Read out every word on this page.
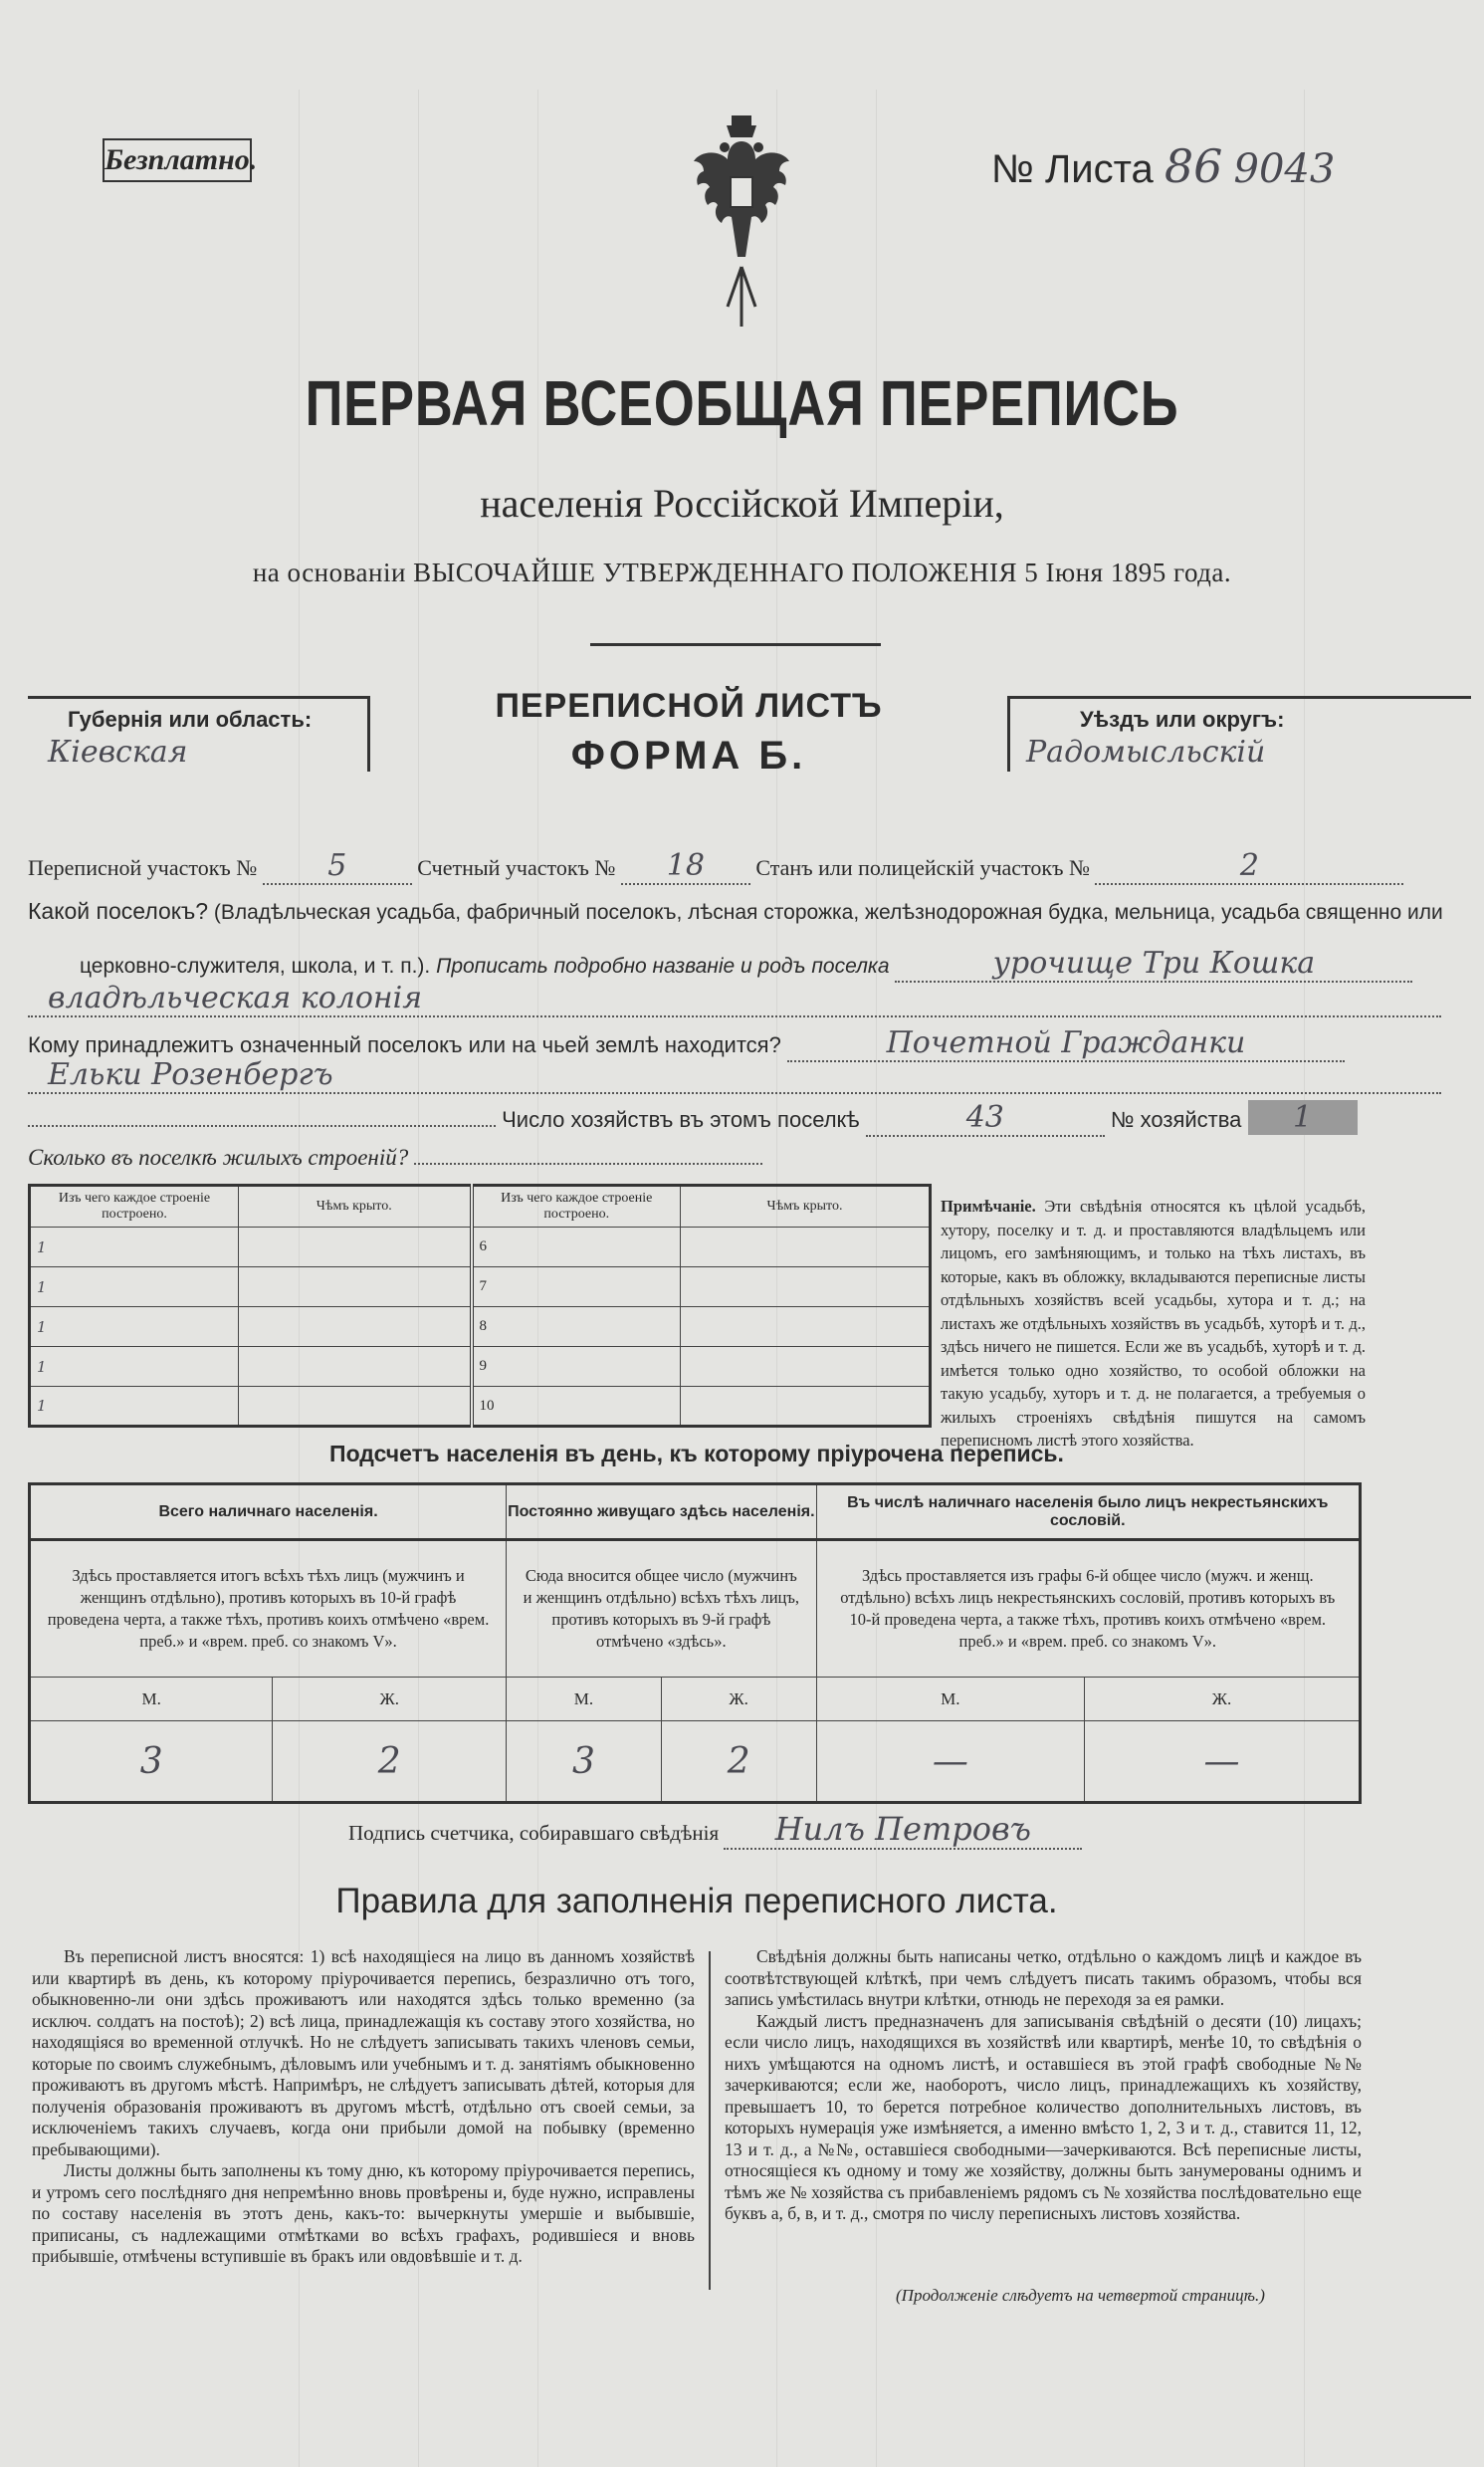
Безплатно.	№ Листа 86 9043
ПЕРВАЯ ВСЕОБЩАЯ ПЕРЕПИСЬ
населенія Россійской Имперіи,
на основаніи ВЫСОЧАЙШЕ УТВЕРЖДЕННАГО ПОЛОЖЕНІЯ 5 Іюня 1895 года.
Губернія или область:
Кіевская
ПЕРЕПИСНОЙ ЛИСТЪ
ФОРМА Б.
Уѣздъ или округъ:
Радомысльскій
Переписной участокъ № 5	Счетный участокъ № 18 Станъ или полицейскій участокъ №	2
Какой поселокъ? (Владѣльческая усадьба, фабричный поселокъ, лѣсная сторожка, желѣзнодорожная будка, мельница, усадьба священно или
церковно-служителя, школа, и т. п.). Прописать подробно названіе и родъ поселка	урочище Три Кошка
владѣльческая колонія
Кому принадлежитъ означенный поселокъ или на чьей землѣ находится?	Почетной Гражданки
Ельки Розенбергъ
Число хозяйствъ въ этомъ поселкѣ	43	№ хозяйства 1
Сколько въ поселкѣ жилыхъ строеній?
Изъ чего каждое строеніе построено.	Чѣмъ крыто.	Изъ чего каждое строеніе построено.	Чѣмъ крыто.
1		6	
1		7	
1		8	
1		9	
1		10	
Примѣчаніе. Эти свѣдѣнія относятся къ цѣлой усадьбѣ, хутору, поселку и т. д. и проставляются владѣльцемъ или лицомъ, его замѣняющимъ, и только на тѣхъ листахъ, въ которые, какъ въ обложку, вкладываются переписные листы отдѣльныхъ хозяйствъ всей усадьбы, хутора и т. д.; на листахъ же отдѣльныхъ хозяйствъ въ усадьбѣ, хуторѣ и т. д., здѣсь ничего не пишется. Если же въ усадьбѣ, хуторѣ и т. д. имѣется только одно хозяйство, то особой обложки на такую усадьбу, хуторъ и т. д. не полагается, а требуемыя о жилыхъ строеніяхъ свѣдѣнія пишутся на самомъ переписномъ листѣ этого хозяйства.
Подсчетъ населенія въ день, къ которому пріурочена перепись.
Всего наличнаго населенія.		Постоянно живущаго здѣсь населенія.		Въ числѣ наличнаго населенія было лицъ некрестьянскихъ сословій.	
Здѣсь проставляется итогъ всѣхъ тѣхъ лицъ (мужчинъ и женщинъ отдѣльно), противъ которыхъ въ 10-й графѣ проведена черта, а также тѣхъ, противъ коихъ отмѣчено «врем. преб.» и «врем. преб. со знакомъ V».		Сюда вносится общее число (мужчинъ и женщинъ отдѣльно) всѣхъ тѣхъ лицъ, противъ которыхъ въ 9-й графѣ отмѣчено «здѣсь».		Здѣсь проставляется изъ графы 6-й общее число (мужч. и женщ. отдѣльно) всѣхъ лицъ некрестьянскихъ сословій, противъ которыхъ въ 10-й проведена черта, а также тѣхъ, противъ коихъ отмѣчено «врем. преб.» и «врем. преб. со знакомъ V».	
М.	Ж.	М.	Ж.	М.	Ж.
3	2	3	2	—	—
Подпись счетчика, собиравшаго свѣдѣнія Нилъ Петровъ
Правила для заполненія переписного листа.

Въ переписной листъ вносятся: 1) всѣ находящіеся на лицо въ данномъ хозяйствѣ или квартирѣ въ день, къ которому пріурочивается перепись, безразлично отъ того, обыкновенно-ли они здѣсь проживаютъ или находятся здѣсь только временно (за исключ. солдатъ на постоѣ); 2) всѣ лица, принадлежащія къ составу этого хозяйства, но находящіяся во временной отлучкѣ. Но не слѣдуетъ записывать такихъ членовъ семьи, которые по своимъ служебнымъ, дѣловымъ или учебнымъ и т. д. занятіямъ обыкновенно проживаютъ въ другомъ мѣстѣ. Напримѣръ, не слѣдуетъ записывать дѣтей, которыя для полученія образованія проживаютъ въ другомъ мѣстѣ, отдѣльно отъ своей семьи, за исключеніемъ такихъ случаевъ, когда они прибыли домой на побывку (временно пребывающими).

Листы должны быть заполнены къ тому дню, къ которому пріурочивается перепись, и утромъ сего послѣдняго дня непремѣнно вновь провѣрены и, буде нужно, исправлены по составу населенія въ этотъ день, какъ-то: вычеркнуты умершіе и выбывшіе, приписаны, съ надлежащими отмѣтками во всѣхъ графахъ, родившіеся и вновь прибывшіе, отмѣчены вступившіе въ бракъ или овдовѣвшіе и т. д.

Свѣдѣнія должны быть написаны четко, отдѣльно о каждомъ лицѣ и каждое въ соотвѣтствующей клѣткѣ, при чемъ слѣдуетъ писать такимъ образомъ, чтобы вся запись умѣстилась внутри клѣтки, отнюдь не переходя за ея рамки.

Каждый листъ предназначенъ для записыванія свѣдѣній о десяти (10) лицахъ; если число лицъ, находящихся въ хозяйствѣ или квартирѣ, менѣе 10, то свѣдѣнія о нихъ умѣщаются на одномъ листѣ, и оставшіеся въ этой графѣ свободные №№ зачеркиваются; если же, наоборотъ, число лицъ, принадлежащихъ къ хозяйству, превышаетъ 10, то берется потребное количество дополнительныхъ листовъ, въ которыхъ нумерація уже измѣняется, а именно вмѣсто 1, 2, 3 и т. д., ставится 11, 12, 13 и т. д., а №№, оставшіеся свободными—зачеркиваются. Всѣ переписные листы, относящіеся къ одному и тому же хозяйству, должны быть занумерованы однимъ и тѣмъ же № хозяйства съ прибавленіемъ рядомъ съ № хозяйства послѣдовательно еще буквъ а, б, в, и т. д., смотря по числу переписныхъ листовъ хозяйства.

(Продолженіе слѣдуетъ на четвертой страницѣ.)
